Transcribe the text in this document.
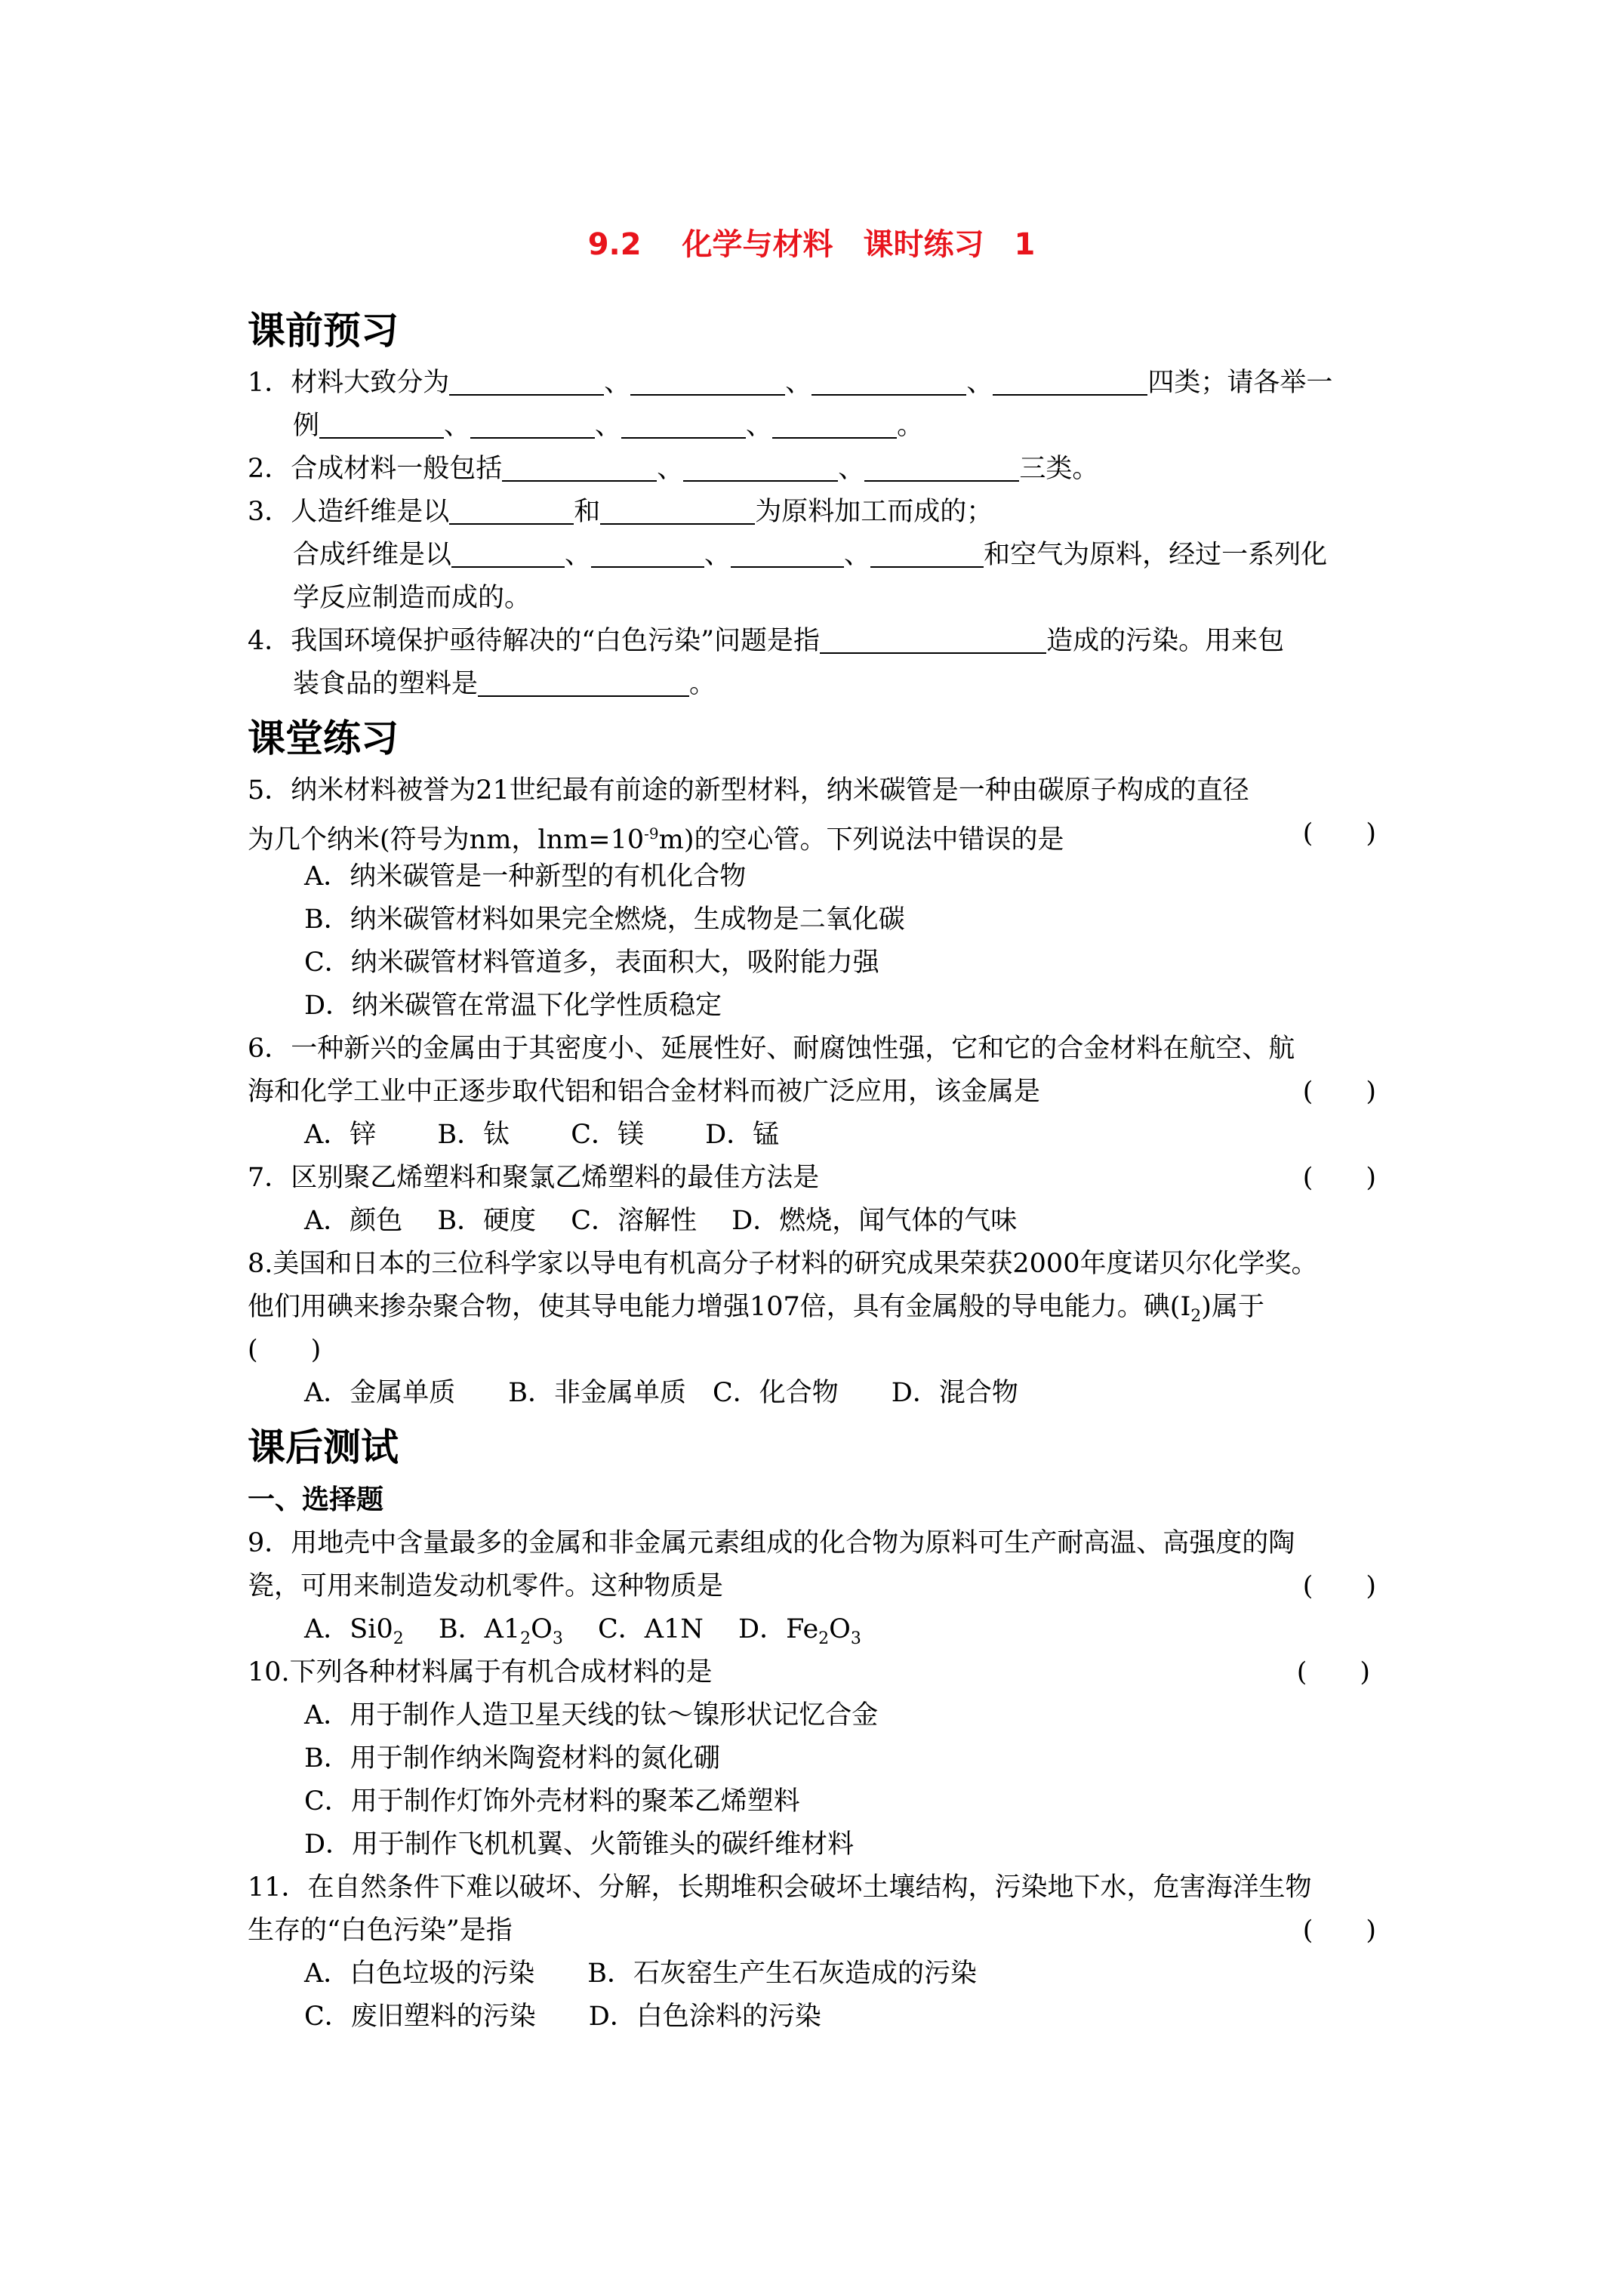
9.2　 化学与材料　课时练习　1
课前预习
1．材料大致分为	、	、	、	四类；请各举一
例	、	、	、	。
2．合成材料一般包括	、	、	三类。
3．人造纤维是以	和	为原料加工而成的；
合成纤维是以	、	、	、	和空气为原料，经过一系列化
学反应制造而成的。
4．我国环境保护亟待解决的“白色污染”问题是指	造成的污染。用来包
装食品的塑料是	。
课堂练习
5．纳米材料被誉为21世纪最有前途的新型材料，纳米碳管是一种由碳原子构成的直径
为几个纳米(符号为nm，$\ln m=10^{-9}m$)的空心管。下列说法中错误的是	(　　)
A．纳米碳管是一种新型的有机化合物
B．纳米碳管材料如果完全燃烧，生成物是二氧化碳
C．纳米碳管材料管道多，表面积大，吸附能力强
D．纳米碳管在常温下化学性质稳定
6．一种新兴的金属由于其密度小、延展性好、耐腐蚀性强，它和它的合金材料在航空、航
海和化学工业中正逐步取代铝和铝合金材料而被广泛应用，该金属是	(　　)
A．锌　　 B．钛　　 C．镁　　 D．锰
7．区别聚乙烯塑料和聚氯乙烯塑料的最佳方法是	(　　)
A．颜色　 B．硬度　 C．溶解性　 D．燃烧，闻气体的气味
8.美国和日本的三位科学家以导电有机高分子材料的研究成果荣获2000年度诺贝尔化学奖。
他们用碘来掺杂聚合物，使其导电能力增强107倍，具有金属般的导电能力。碘$(I_2)$属于
(　　)
A．金属单质　　B．非金属单质　C．化合物　　D．混合物
课后测试
一、选择题
9．用地壳中含量最多的金属和非金属元素组成的化合物为原料可生产耐高温、高强度的陶
瓷，可用来制造发动机零件。这种物质是	(　　)
A．$Si0_2$　 B．$A1_2O_3$　 C．A1N　 D．$Fe_2O_3$
10.下列各种材料属于有机合成材料的是	(　　)
A．用于制作人造卫星天线的钛～镍形状记忆合金
B．用于制作纳米陶瓷材料的氮化硼
C．用于制作灯饰外壳材料的聚苯乙烯塑料
D．用于制作飞机机翼、火箭锥头的碳纤维材料
11．在自然条件下难以破坏、分解，长期堆积会破坏土壤结构，污染地下水，危害海洋生物
生存的“白色污染”是指	(　　)
A．白色垃圾的污染　　B．石灰窑生产生石灰造成的污染
C．废旧塑料的污染　　D．白色涂料的污染
